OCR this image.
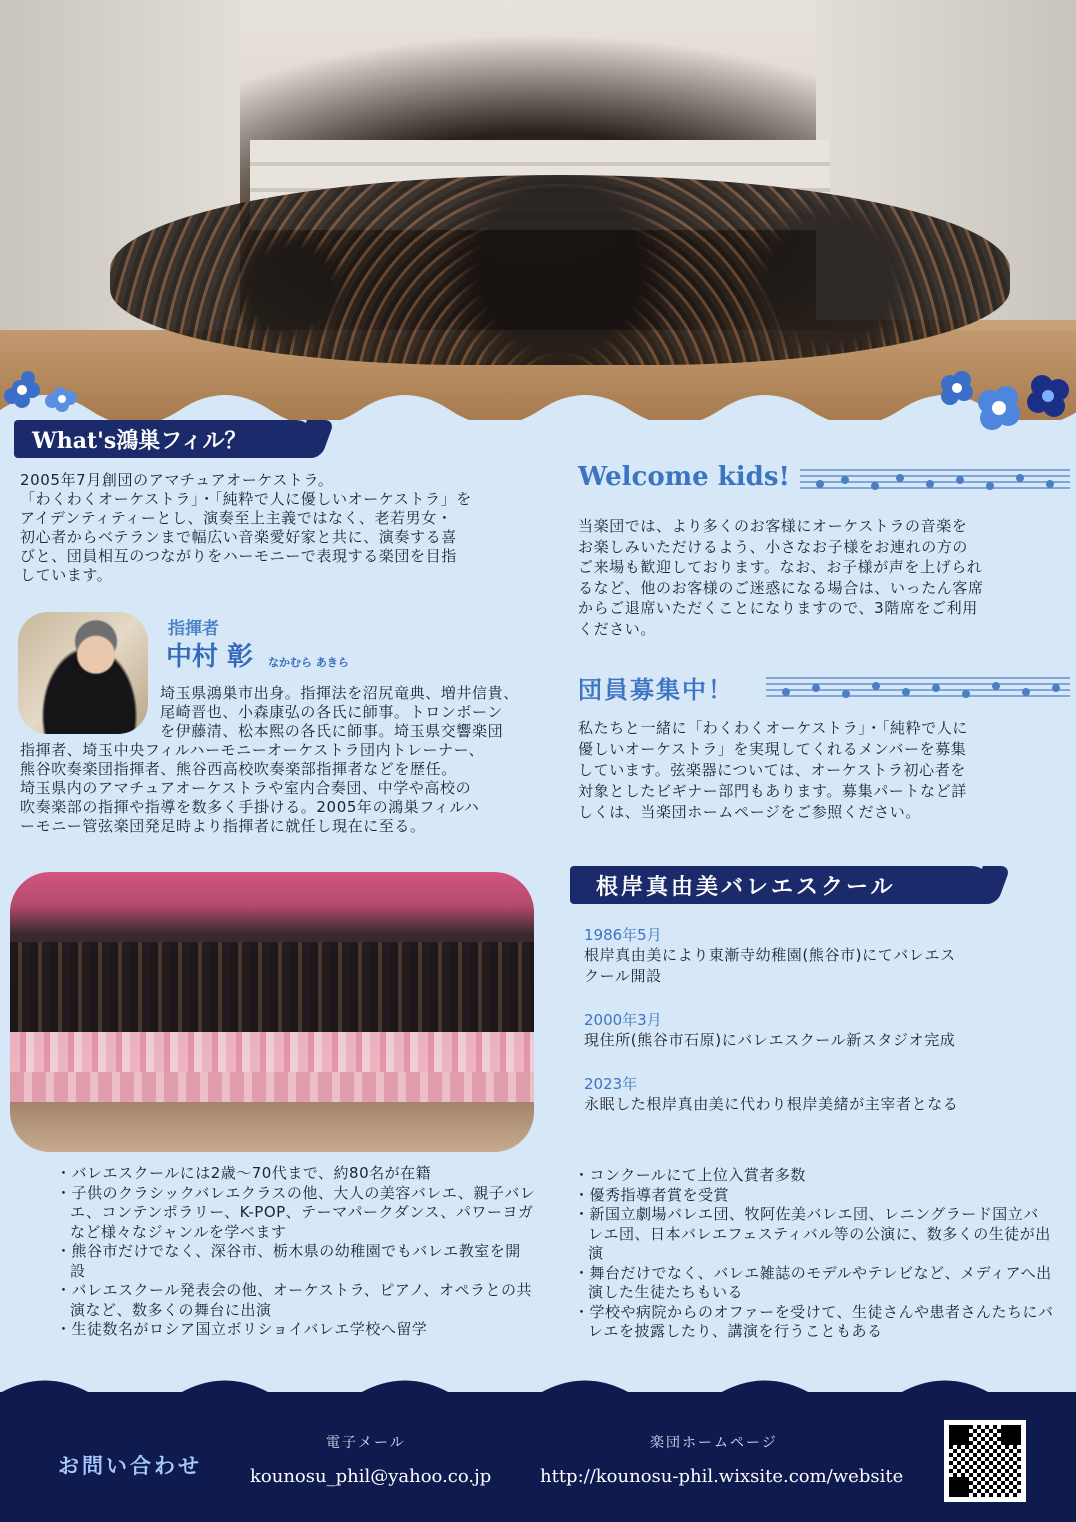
What's鴻巣フィル？
2005年7月創団のアマチュアオーケストラ。
「わくわくオーケストラ」・「純粋で人に優しいオーケストラ」を
アイデンティティーとし、演奏至上主義ではなく、老若男女・
初心者からベテランまで幅広い音楽愛好家と共に、演奏する喜
びと、団員相互のつながりをハーモニーで表現する楽団を目指
しています。
指揮者
中村 彰 なかむら あきら
埼玉県鴻巣市出身。指揮法を沼尻竜典、増井信貴、
尾崎晋也、小森康弘の各氏に師事。トロンボーン
を伊藤清、松本熙の各氏に師事。埼玉県交響楽団
指揮者、埼玉中央フィルハーモニーオーケストラ団内トレーナー、
熊谷吹奏楽団指揮者、熊谷西高校吹奏楽部指揮者などを歴任。
埼玉県内のアマチュアオーケストラや室内合奏団、中学や高校の
吹奏楽部の指揮や指導を数多く手掛ける。2005年の鴻巣フィルハ
ーモニー管弦楽団発足時より指揮者に就任し現在に至る。
Welcome kids!
当楽団では、より多くのお客様にオーケストラの音楽を
お楽しみいただけるよう、小さなお子様をお連れの方の
ご来場も歓迎しております。なお、お子様が声を上げられ
るなど、他のお客様のご迷惑になる場合は、いったん客席
からご退席いただくことになりますので、3階席をご利用
ください。
団員募集中！
私たちと一緒に「わくわくオーケストラ」・「純粋で人に
優しいオーケストラ」を実現してくれるメンバーを募集
しています。弦楽器については、オーケストラ初心者を
対象としたビギナー部門もあります。募集パートなど詳
しくは、当楽団ホームページをご参照ください。
根岸真由美バレエスクール
1986年5月
根岸真由美により東漸寺幼稚園(熊谷市)にてバレエス
クール開設
2000年3月
現住所(熊谷市石原)にバレエスクール新スタジオ完成
2023年
永眠した根岸真由美に代わり根岸美緒が主宰者となる
・ バレエスクールには2歳〜70代まで、約80名が在籍
・ 子供のクラシックバレエクラスの他、大人の美容バレエ、親子バレエ、コンテンポラリー、K-POP、テーマパークダンス、パワーヨガなど様々なジャンルを学べます
・ 熊谷市だけでなく、深谷市、栃木県の幼稚園でもバレエ教室を開設
・ バレエスクール発表会の他、オーケストラ、ピアノ、オペラとの共演など、数多くの舞台に出演
・ 生徒数名がロシア国立ボリショイバレエ学校へ留学
・ コンクールにて上位入賞者多数
・ 優秀指導者賞を受賞
・ 新国立劇場バレエ団、牧阿佐美バレエ団、レニングラード国立バレエ団、日本バレエフェスティバル等の公演に、数多くの生徒が出演
・ 舞台だけでなく、バレエ雑誌のモデルやテレビなど、メディアへ出演した生徒たちもいる
・ 学校や病院からのオファーを受けて、生徒さんや患者さんたちにバレエを披露したり、講演を行うこともある
お問い合わせ
電子メール
kounosu_phil@yahoo.co.jp
楽団ホームページ
http://kounosu-phil.wixsite.com/website
